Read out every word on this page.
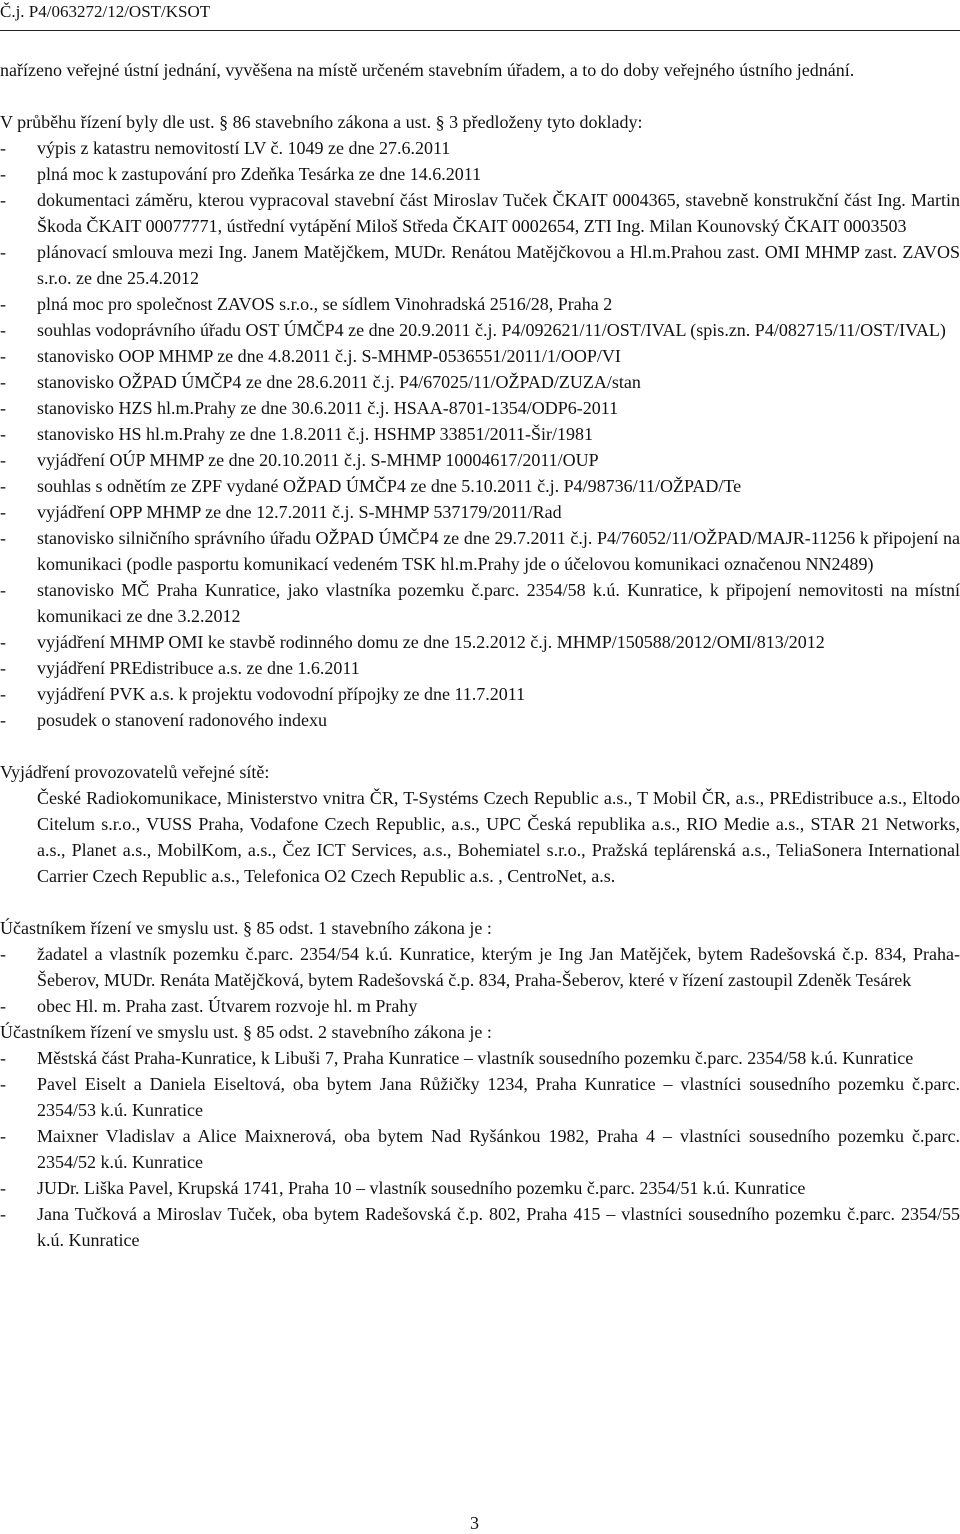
Č.j. P4/063272/12/OST/KSOT

nařízeno veřejné ústní jednání, vyvěšena na místě určeném stavebním úřadem, a to do doby veřejného ústního jednání.

V průběhu řízení byly dle ust. § 86 stavebního zákona a ust. § 3 předloženy tyto doklady:

- výpis z katastru nemovitostí LV č. 1049 ze dne 27.6.2011
- plná moc k zastupování pro Zdeňka Tesárka ze dne 14.6.2011
- dokumentaci záměru, kterou vypracoval stavební část Miroslav Tuček ČKAIT 0004365, stavebně konstrukční část Ing. Martin Škoda ČKAIT 00077771, ústřední vytápění Miloš Středa ČKAIT 0002654, ZTI Ing. Milan Kounovský ČKAIT 0003503
- plánovací smlouva mezi Ing. Janem Matějčkem, MUDr. Renátou Matějčkovou a Hl.m.Prahou zast. OMI MHMP zast. ZAVOS s.r.o. ze dne 25.4.2012
- plná moc pro společnost ZAVOS s.r.o., se sídlem Vinohradská 2516/28, Praha 2
- souhlas vodoprávního úřadu OST ÚMČP4 ze dne 20.9.2011 č.j. P4/092621/11/OST/IVAL (spis.zn. P4/082715/11/OST/IVAL)
- stanovisko OOP MHMP ze dne 4.8.2011 č.j. S-MHMP-0536551/2011/1/OOP/VI
- stanovisko OŽPAD ÚMČP4 ze dne 28.6.2011 č.j. P4/67025/11/OŽPAD/ZUZA/stan
- stanovisko HZS hl.m.Prahy ze dne 30.6.2011 č.j. HSAA-8701-1354/ODP6-2011
- stanovisko HS hl.m.Prahy ze dne 1.8.2011 č.j. HSHMP 33851/2011-Šir/1981
- vyjádření OÚP MHMP ze dne 20.10.2011 č.j. S-MHMP 10004617/2011/OUP
- souhlas s odnětím ze ZPF vydané OŽPAD ÚMČP4 ze dne 5.10.2011 č.j. P4/98736/11/OŽPAD/Te
- vyjádření OPP MHMP ze dne 12.7.2011 č.j. S-MHMP 537179/2011/Rad
- stanovisko silničního správního úřadu OŽPAD ÚMČP4 ze dne 29.7.2011 č.j. P4/76052/11/OŽPAD/MAJR-11256 k připojení na komunikaci (podle pasportu komunikací vedeném TSK hl.m.Prahy jde o účelovou komunikaci označenou NN2489)
- stanovisko MČ Praha Kunratice, jako vlastníka pozemku č.parc. 2354/58 k.ú. Kunratice, k připojení nemovitosti na místní komunikaci ze dne 3.2.2012
- vyjádření MHMP OMI ke stavbě rodinného domu ze dne 15.2.2012 č.j. MHMP/150588/2012/OMI/813/2012
- vyjádření PREdistribuce a.s. ze dne 1.6.2011
- vyjádření PVK a.s. k projektu vodovodní přípojky ze dne 11.7.2011
- posudek o stanovení radonového indexu

Vyjádření provozovatelů veřejné sítě:

České Radiokomunikace, Ministerstvo vnitra ČR, T-Systéms Czech Republic a.s., T Mobil ČR, a.s., PREdistribuce a.s., Eltodo Citelum s.r.o., VUSS Praha, Vodafone Czech Republic, a.s., UPC Česká republika a.s., RIO Medie a.s., STAR 21 Networks, a.s., Planet a.s., MobilKom, a.s., Čez ICT Services, a.s., Bohemiatel s.r.o., Pražská teplárenská a.s., TeliaSonera International Carrier Czech Republic a.s., Telefonica O2 Czech Republic a.s. , CentroNet, a.s.

Účastníkem řízení ve smyslu ust. § 85 odst. 1 stavebního zákona je :

- žadatel a vlastník pozemku č.parc. 2354/54 k.ú. Kunratice, kterým je Ing Jan Matějček, bytem Radešovská č.p. 834, Praha-Šeberov, MUDr. Renáta Matějčková, bytem Radešovská č.p. 834, Praha-Šeberov, které v řízení zastoupil Zdeněk Tesárek
- obec Hl. m. Praha zast. Útvarem rozvoje hl. m Prahy

Účastníkem řízení ve smyslu ust. § 85 odst. 2 stavebního zákona je :

- Městská část Praha-Kunratice, k Libuši 7, Praha Kunratice – vlastník sousedního pozemku č.parc. 2354/58 k.ú. Kunratice
- Pavel Eiselt a Daniela Eiseltová, oba bytem Jana Růžičky 1234, Praha Kunratice – vlastníci sousedního pozemku č.parc. 2354/53 k.ú. Kunratice
- Maixner Vladislav a Alice Maixnerová, oba bytem Nad Ryšánkou 1982, Praha 4 – vlastníci sousedního pozemku č.parc. 2354/52 k.ú. Kunratice
- JUDr. Liška Pavel, Krupská 1741, Praha 10 – vlastník sousedního pozemku č.parc. 2354/51 k.ú. Kunratice
- Jana Tučková a Miroslav Tuček, oba bytem Radešovská č.p. 802, Praha 415 – vlastníci sousedního pozemku č.parc. 2354/55 k.ú. Kunratice
3
